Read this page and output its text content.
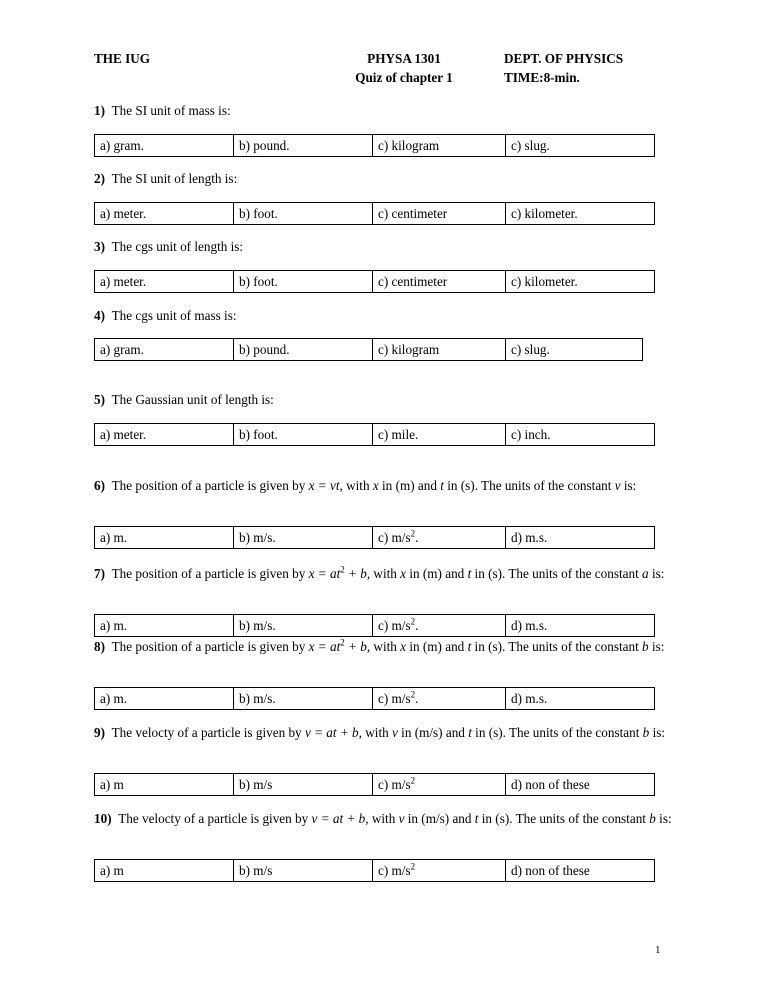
THE IUG	PHYSA 1301
Quiz of chapter 1
DEPT. OF PHYSICS
TIME:8-min.
1) The SI unit of mass is:
a) gram.	b) pound.	c) kilogram	c) slug.
2) The SI unit of length is:
a) meter.	b) foot.	c) centimeter	c) kilometer.
3) The cgs unit of length is:
a) meter.	b) foot.	c) centimeter	c) kilometer.
4) The cgs unit of mass is:
a) gram.	b) pound.	c) kilogram	c) slug.
5) The Gaussian unit of length is:
a) meter.	b) foot.	c) mile.	c) inch.
6) The position of a particle is given by x = vt, with x in (m) and t in (s). The units of the constant v is:
a) m.	b) m/s.	c) $m/s^2$.	d) m.s.
7) The position of a particle is given by $x = at^2 + b$, with x in (m) and t in (s). The units of the constant a is:
a) m.	b) m/s.	c) $m/s^2$.	d) m.s.
8) The position of a particle is given by $x = at^2 + b$, with x in (m) and t in (s). The units of the constant b is:
a) m.	b) m/s.	c) $m/s^2$.	d) m.s.
9) The velocty of a particle is given by v = at + b, with v in (m/s) and t in (s). The units of the constant b is:
a) m	b) m/s	c) $m/s^2$	d) non of these
10) The velocty of a particle is given by v = at + b, with v in (m/s) and t in (s). The units of the constant b is:
a) m	b) m/s	c) $m/s^2$	d) non of these
1
